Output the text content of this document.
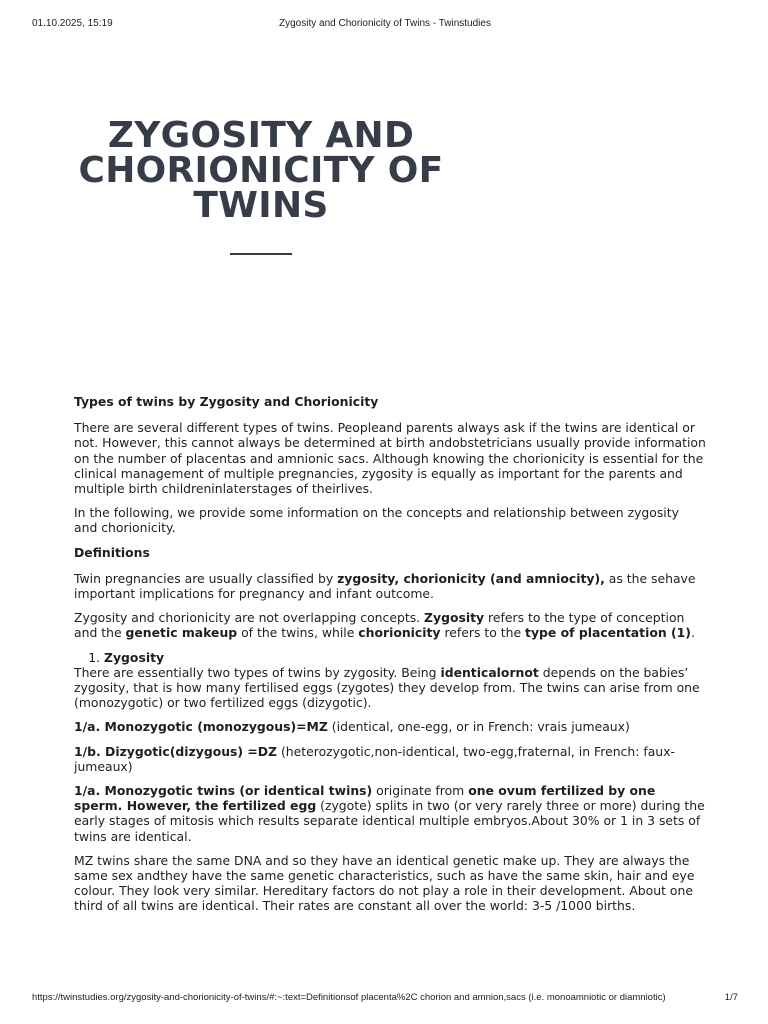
01.10.2025, 15:19	Zygosity and Chorionicity of Twins - Twinstudies
ZYGOSITY AND
CHORIONICITY OF
TWINS
Types of twins by Zygosity and Chorionicity

There are several different types of twins. Peopleand parents always ask if the twins are identical or not. However, this cannot always be determined at birth andobstetricians usually provide information on the number of placentas and amnionic sacs. Although knowing the chorionicity is essential for the clinical management of multiple pregnancies, zygosity is equally as important for the parents and multiple birth childreninlaterstages of theirlives.

In the following, we provide some information on the concepts and relationship between zygosity and chorionicity.

Definitions

Twin pregnancies are usually classified by zygosity, chorionicity (and amniocity), as the sehave important implications for pregnancy and infant outcome.

Zygosity and chorionicity are not overlapping concepts. Zygosity refers to the type of conception and the genetic makeup of the twins, while chorionicity refers to the type of placentation (1).

1. Zygosity

There are essentially two types of twins by zygosity. Being identicalornot depends on the babies’ zygosity, that is how many fertilised eggs (zygotes) they develop from. The twins can arise from one (monozygotic) or two fertilized eggs (dizygotic).

1/a. Monozygotic (monozygous)=MZ (identical, one-egg, or in French: vrais jumeaux)

1/b. Dizygotic(dizygous) =DZ (heterozygotic,non-identical, two-egg,fraternal, in French: faux-jumeaux)

1/a. Monozygotic twins (or identical twins) originate from one ovum fertilized by one sperm. However, the fertilized egg (zygote) splits in two (or very rarely three or more) during the early stages of mitosis which results separate identical multiple embryos.About 30% or 1 in 3 sets of twins are identical.

MZ twins share the same DNA and so they have an identical genetic make up. They are always the same sex andthey have the same genetic characteristics, such as have the same skin, hair and eye colour. They look very similar. Hereditary factors do not play a role in their development. About one third of all twins are identical. Their rates are constant all over the world: 3-5 /1000 births.

https://twinstudies.org/zygosity-and-chorionicity-of-twins/#:~:text=Definitionsof placenta%2C chorion and amnion,sacs (i.e. monoamniotic or diamniotic)	1/7
